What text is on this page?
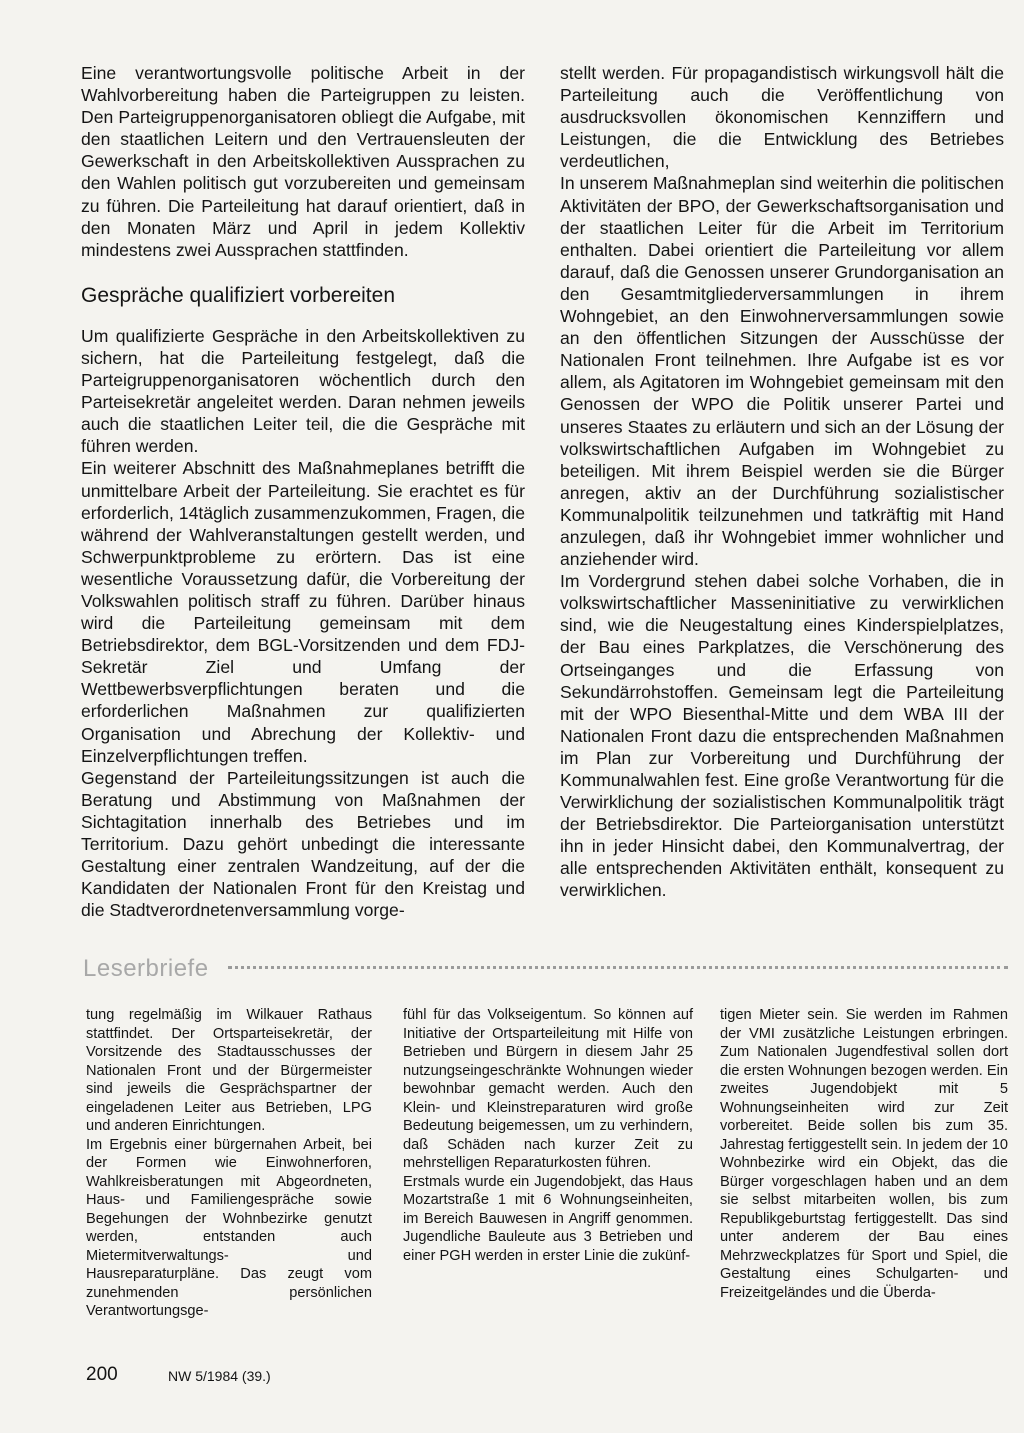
Eine verantwortungsvolle politische Arbeit in der Wahlvorbereitung haben die Parteigruppen zu leisten. Den Parteigruppenorganisatoren obliegt die Aufgabe, mit den staatlichen Leitern und den Vertrauensleuten der Gewerkschaft in den Arbeitskollektiven Aussprachen zu den Wahlen politisch gut vorzubereiten und gemeinsam zu führen. Die Parteileitung hat darauf orientiert, daß in den Monaten März und April in jedem Kollektiv mindestens zwei Aussprachen stattfinden.

Gespräche qualifiziert vorbereiten

Um qualifizierte Gespräche in den Arbeitskollektiven zu sichern, hat die Parteileitung festgelegt, daß die Parteigruppenorganisatoren wöchentlich durch den Parteisekretär angeleitet werden. Daran nehmen jeweils auch die staatlichen Leiter teil, die die Gespräche mit führen werden.

Ein weiterer Abschnitt des Maßnahmeplanes betrifft die unmittelbare Arbeit der Parteileitung. Sie erachtet es für erforderlich, 14täglich zusammenzukommen, Fragen, die während der Wahlveranstaltungen gestellt werden, und Schwerpunktprobleme zu erörtern. Das ist eine wesentliche Voraussetzung dafür, die Vorbereitung der Volkswahlen politisch straff zu führen. Darüber hinaus wird die Parteileitung gemeinsam mit dem Betriebsdirektor, dem BGL-Vorsitzenden und dem FDJ-Sekretär Ziel und Umfang der Wettbewerbsverpflichtungen beraten und die erforderlichen Maßnahmen zur qualifizierten Organisation und Abrechung der Kollektiv- und Einzelverpflichtungen treffen.

Gegenstand der Parteileitungssitzungen ist auch die Beratung und Abstimmung von Maßnahmen der Sichtagitation innerhalb des Betriebes und im Territorium. Dazu gehört unbedingt die interessante Gestaltung einer zentralen Wandzeitung, auf der die Kandidaten der Nationalen Front für den Kreistag und die Stadtverordnetenversammlung vorge-

stellt werden. Für propagandistisch wirkungsvoll hält die Parteileitung auch die Veröffentlichung von ausdrucksvollen ökonomischen Kennziffern und Leistungen, die die Entwicklung des Betriebes verdeutlichen,

In unserem Maßnahmeplan sind weiterhin die politischen Aktivitäten der BPO, der Gewerkschaftsorganisation und der staatlichen Leiter für die Arbeit im Territorium enthalten. Dabei orientiert die Parteileitung vor allem darauf, daß die Genossen unserer Grundorganisation an den Gesamtmitgliederversammlungen in ihrem Wohngebiet, an den Einwohnerversammlungen sowie an den öffentlichen Sitzungen der Ausschüsse der Nationalen Front teilnehmen. Ihre Aufgabe ist es vor allem, als Agitatoren im Wohngebiet gemeinsam mit den Genossen der WPO die Politik unserer Partei und unseres Staates zu erläutern und sich an der Lösung der volkswirtschaftlichen Aufgaben im Wohngebiet zu beteiligen. Mit ihrem Beispiel werden sie die Bürger anregen, aktiv an der Durchführung sozialistischer Kommunalpolitik teilzunehmen und tatkräftig mit Hand anzulegen, daß ihr Wohngebiet immer wohnlicher und anziehender wird.

Im Vordergrund stehen dabei solche Vorhaben, die in volkswirtschaftlicher Masseninitiative zu verwirklichen sind, wie die Neugestaltung eines Kinderspielplatzes, der Bau eines Parkplatzes, die Verschönerung des Ortseinganges und die Erfassung von Sekundärrohstoffen. Gemeinsam legt die Parteileitung mit der WPO Biesenthal-Mitte und dem WBA III der Nationalen Front dazu die entsprechenden Maßnahmen im Plan zur Vorbereitung und Durchführung der Kommunalwahlen fest. Eine große Verantwortung für die Verwirklichung der sozialistischen Kommunalpolitik trägt der Betriebsdirektor. Die Parteiorganisation unterstützt ihn in jeder Hinsicht dabei, den Kommunalvertrag, der alle entsprechenden Aktivitäten enthält, konsequent zu verwirklichen.

Leserbriefe

tung regelmäßig im Wilkauer Rathaus stattfindet. Der Ortsparteisekretär, der Vorsitzende des Stadtausschusses der Nationalen Front und der Bürgermeister sind jeweils die Gesprächspartner der eingeladenen Leiter aus Betrieben, LPG und anderen Einrichtungen.

Im Ergebnis einer bürgernahen Arbeit, bei der Formen wie Einwohnerforen, Wahlkreisberatungen mit Abgeordneten, Haus- und Familiengespräche sowie Begehungen der Wohnbezirke genutzt werden, entstanden auch Mietermitverwaltungs- und Hausreparaturpläne. Das zeugt vom zunehmenden persönlichen Verantwortungsge-

fühl für das Volkseigentum. So können auf Initiative der Ortsparteileitung mit Hilfe von Betrieben und Bürgern in diesem Jahr 25 nutzungseingeschränkte Wohnungen wieder bewohnbar gemacht werden. Auch den Klein- und Kleinstreparaturen wird große Bedeutung beigemessen, um zu verhindern, daß Schäden nach kurzer Zeit zu mehrstelligen Reparaturkosten führen.

Erstmals wurde ein Jugendobjekt, das Haus Mozartstraße 1 mit 6 Wohnungseinheiten, im Bereich Bauwesen in Angriff genommen. Jugendliche Bauleute aus 3 Betrieben und einer PGH werden in erster Linie die zukünf-

tigen Mieter sein. Sie werden im Rahmen der VMI zusätzliche Leistungen erbringen. Zum Nationalen Jugendfestival sollen dort die ersten Wohnungen bezogen werden. Ein zweites Jugendobjekt mit 5 Wohnungseinheiten wird zur Zeit vorbereitet. Beide sollen bis zum 35. Jahrestag fertiggestellt sein. In jedem der 10 Wohnbezirke wird ein Objekt, das die Bürger vorgeschlagen haben und an dem sie selbst mitarbeiten wollen, bis zum Republikgeburtstag fertiggestellt. Das sind unter anderem der Bau eines Mehrzweckplatzes für Sport und Spiel, die Gestaltung eines Schulgarten- und Freizeitgeländes und die Überda-

200	NW 5/1984 (39.)
